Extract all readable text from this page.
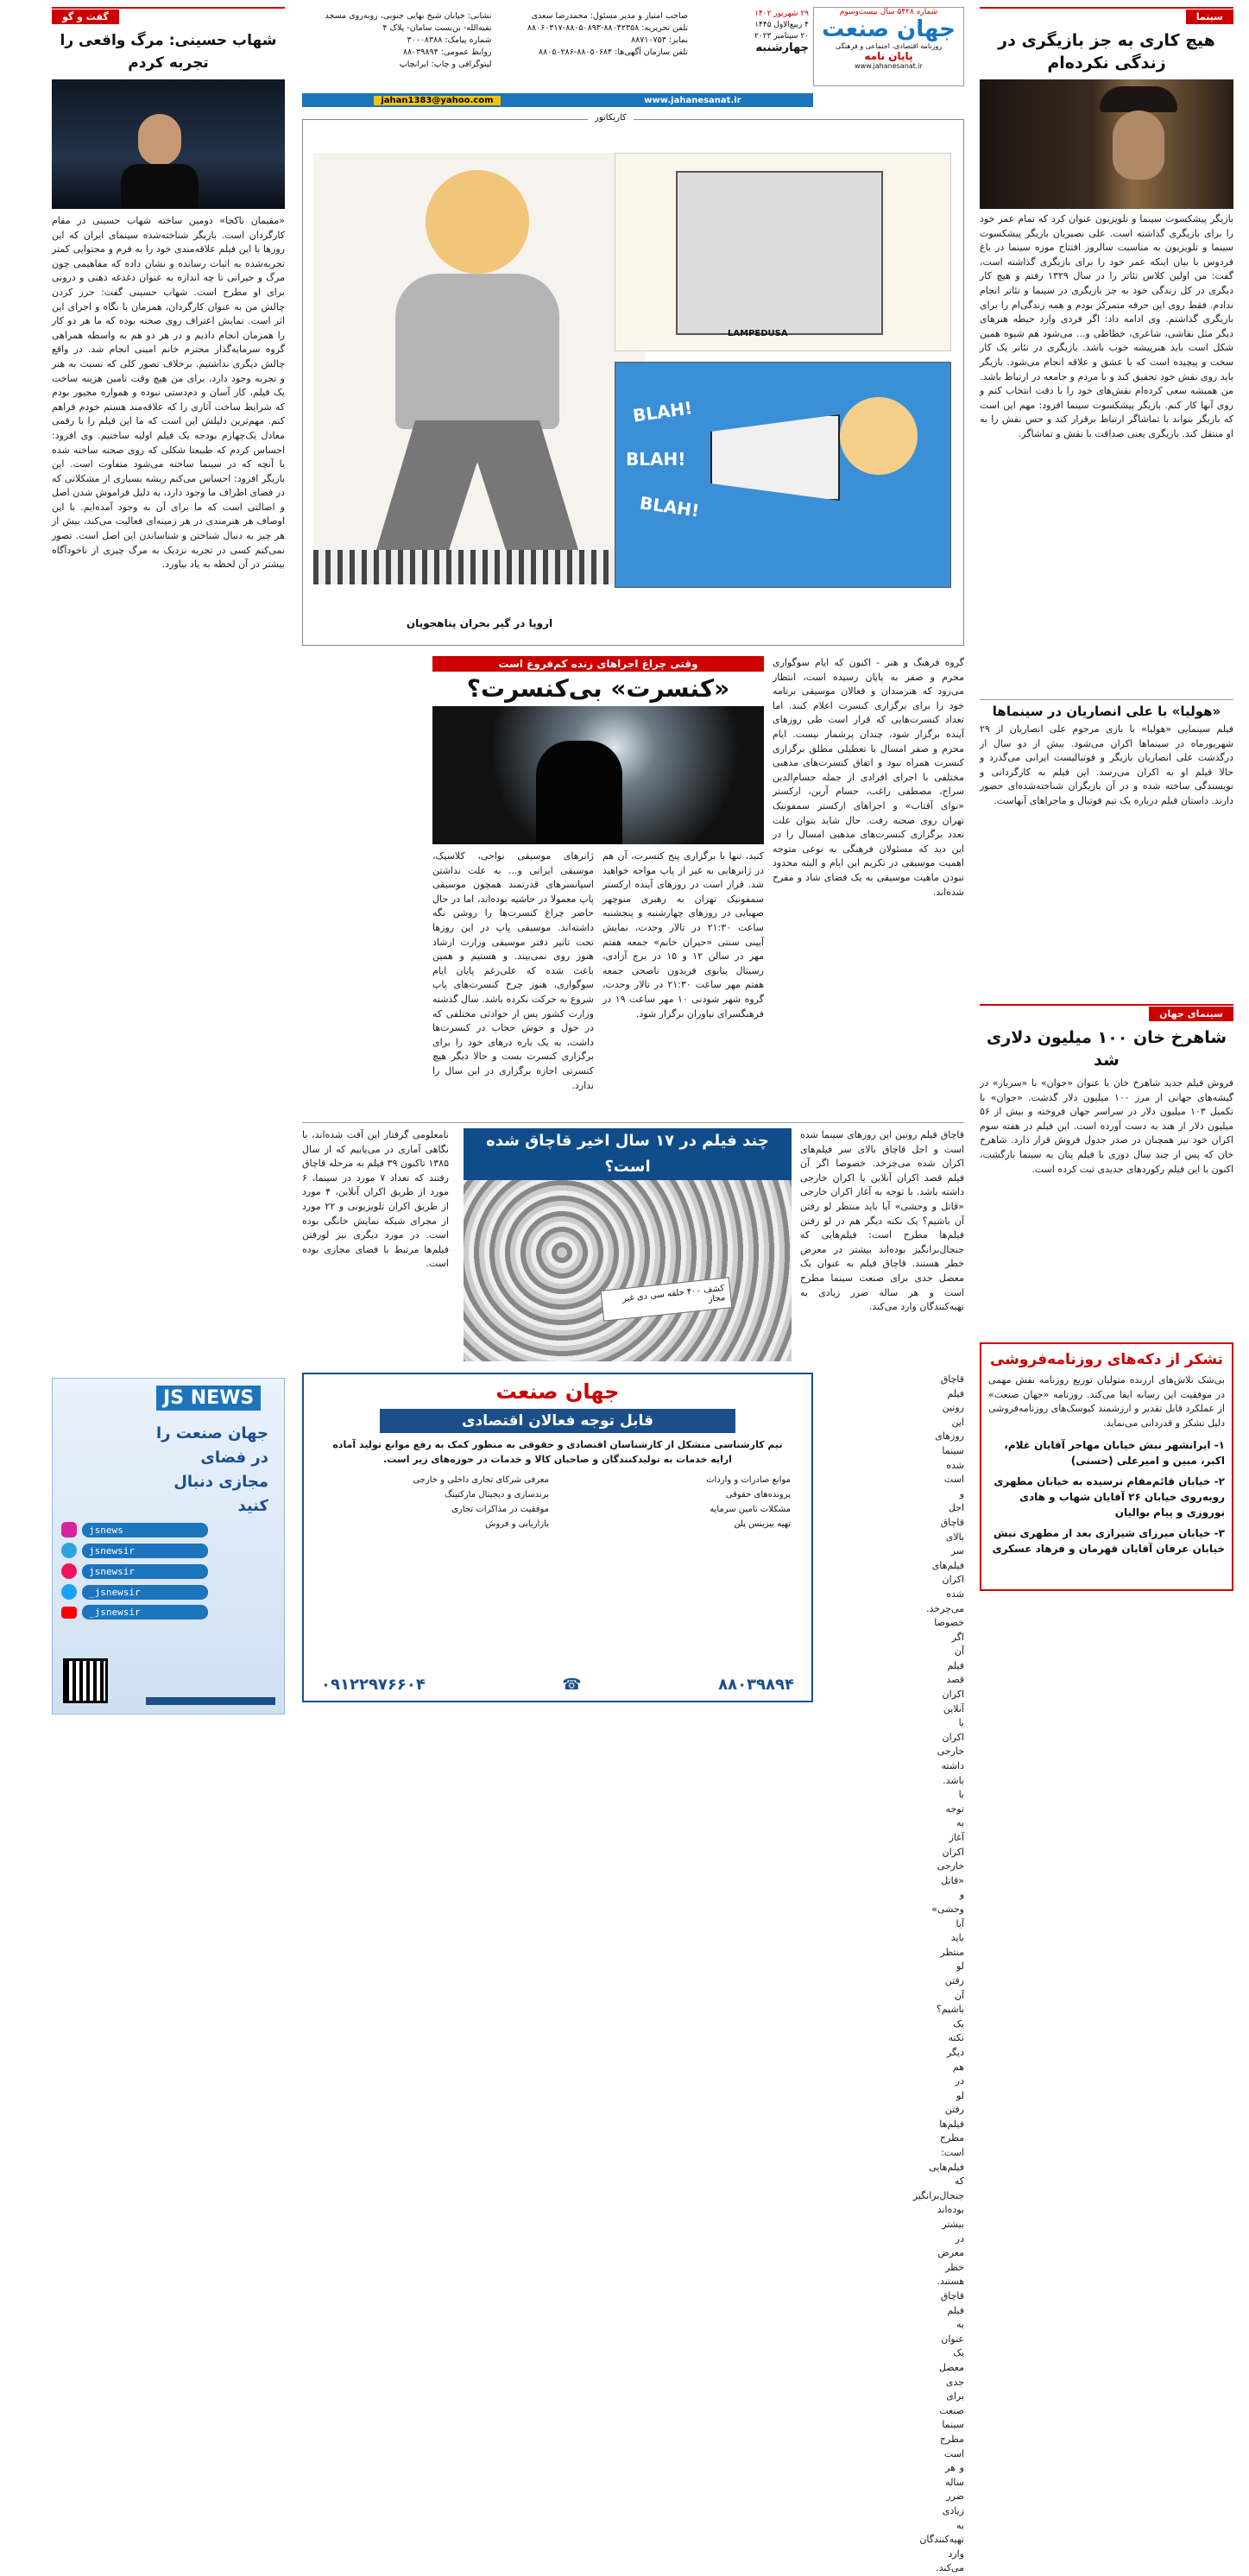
سینما
هیچ کاری به جز بازیگری در زندگی نکرده‌ام

بازیگر پیشکسوت سینما و تلویزیون عنوان کرد که تمام عمر خود را برای بازیگری گذاشته است. علی نصیریان بازیگر پیشکسوت سینما و تلویزیون به مناسبت سالروز افتتاح موزه سینما در باغ فردوس با بیان اینکه عمر خود را برای بازیگری گذاشته است، گفت: من اولین کلاس تئاتر را در سال ۱۳۲۹ رفتم و هیچ کار دیگری در کل زندگی خود به جز بازیگری در سینما و تئاتر انجام ندادم. فقط روی این حرفه متمرکز بودم و همه زندگی‌ام را برای بازیگری گذاشتم. وی ادامه داد: اگر فردی وارد حیطه هنرهای دیگر مثل نقاشی، شاعری، خطاطی و... می‌شود هم شیوه همین شکل است باید هنرپیشه خوب باشد. بازیگری در تئاتر یک کار سخت و پیچیده است که با عشق و علاقه انجام می‌شود. بازیگر باید روی نقش خود تحقیق کند و با مردم و جامعه در ارتباط باشد. من همیشه سعی کرده‌ام نقش‌های خود را با دقت انتخاب کنم و روی آنها کار کنم. بازیگر پیشکسوت سینما افزود: مهم این است که بازیگر بتواند با تماشاگر ارتباط برقرار کند و حس نقش را به او منتقل کند. بازیگری یعنی صداقت با نقش و تماشاگر.

«هولیا» با علی انصاریان در سینماها

فیلم سینمایی «هولیا» با بازی مرحوم علی انصاریان از ۲۹ شهریورماه در سینماها اکران می‌شود. بیش از دو سال از درگذشت علی انصاریان بازیگر و فوتبالیست ایرانی می‌گذرد و حالا فیلم او به اکران می‌رسد. این فیلم به کارگردانی و نویسندگی ساخته شده و در آن بازیگران شناخته‌شده‌ای حضور دارند. داستان فیلم درباره یک تیم فوتبال و ماجراهای آنهاست.

سینمای جهان
شاهرخ خان ۱۰۰ میلیون دلاری شد

فروش فیلم جدید شاهرخ خان با عنوان «جوان» با «سرباز» در گیشه‌های جهانی از مرز ۱۰۰ میلیون دلار گذشت. «جوان» با تکمیل ۱۰۳ میلیون دلار در سراسر جهان فروخته و بیش از ۵۶ میلیون دلار از هند به دست آورده است. این فیلم در هفته سوم اکران خود نیز همچنان در صدر جدول فروش قرار دارد. شاهرخ خان که پس از چند سال دوری با فیلم پتان به سینما بازگشت، اکنون با این فیلم رکوردهای جدیدی ثبت کرده است.

تشکر از دکه‌های روزنامه‌فروشی

بی‌شک تلاش‌های ارزنده متولیان توزیع روزنامه نقش مهمی در موفقیت این رسانه ایفا می‌کند. روزنامه «جهان صنعت» از عملکرد قابل تقدیر و ارزشمند کیوسک‌های روزنامه‌فروشی دلیل تشکر و قدردانی می‌نماید.

۱- ایرانشهر نبش خیابان مهاجر آقایان غلام، اکبر، مبین و امیرعلی (حسنی)

۲- خیابان قائم‌مقام نرسیده به خیابان مطهری روبه‌روی خیابان ۲۶ آقایان شهاب و هادی نوروزی و پیام بوالیان

۳- خیابان میرزای شیرازی بعد از مطهری نبش خیابان عرفان آقایان قهرمان و فرهاد عسکری

گفت و گو
شهاب حسینی: مرگ واقعی را تجربه کردم

«مقیمان ناکجا» دومین ساخته شهاب حسینی در مقام کارگردان است. بازیگر شناخته‌شده سینمای ایران که این روزها با این فیلم علاقه‌مندی خود را به فرم و محتوایی کمتر تجربه‌شده به اثبات رسانده و نشان داده که مفاهیمی چون مرگ و حیرانی تا چه اندازه به عنوان دغدغه ذهنی و درونی برای او مطرح است. شهاب حسینی گفت: حرز کردن چالش من به عنوان کارگردان، همزمان با نگاه و اجرای این اثر است. نمایش اعتراف روی صحنه بوده که ما هر دو کار را همزمان انجام دادیم و در هر دو هم به واسطه همراهی گروه سرمایه‌گذار محترم خانم امینی انجام شد. در واقع چالش دیگری نداشتیم. برخلاف تصور کلی که نسبت به هنر و تجربه وجود دارد، برای من هیچ وقت تامین هزینه ساخت یک فیلم، کار آسان و دم‌دستی نبوده و همواره مجبور بودم که شرایط ساخت آثاری را که علاقه‌مند هستم خودم فراهم کنم. مهم‌ترین دلیلش این است که ما این فیلم را با رقمی معادل یک‌چهارم بودجه یک فیلم اولیه ساختیم. وی افزود: احساس کردم که طبیعتا شکلی که روی صحنه ساخته شده با آنچه که در سینما ساخته می‌شود متفاوت است. این بازیگر افزود: احساس می‌کنم ریشه بسیاری از مشکلاتی که در فضای اطراف ما وجود دارد، به دلیل فراموش شدن اصل و اصالتی است که ما برای آن به وجود آمده‌ایم. با این اوصاف هر هنرمندی در هر زمینه‌ای فعالیت می‌کند، بیش از هر چیز به دنبال شناختن و شناساندن این اصل است. تصور نمی‌کنم کسی در تجربه نزدیک به مرگ چیزی از ناخودآگاه بیشتر در آن لحظه به یاد بیاورد.

JS NEWS

جهان صنعت را در فضای مجازی دنبال کنید

jsnews
jsnewsir
jsnewsir
jsnewsir_
jsnewsir_
شماره ۵۴۲۸ سال بیست‌وسوم
جهان صنعت
روزنامه اقتصادی، اجتماعی و فرهنگی
پایان نامه
www.jahanesanat.ir
۲۹ شهریور ۱۴۰۲
۴ ربیع‌الاول ۱۴۴۵
۲۰ سپتامبر ۲۰۲۳
چهارشنبه
صاحب امتیاز و مدیر مسئول: محمدرضا سعدی
تلفن تحریریه: ۸۸۰۴۲۳۵۸-۸۸۰۵۰۸۹۳-۸۸۰۶۰۳۱۷
نمابر: ۸۸۷۱۰۷۵۳
تلفن سازمان آگهی‌ها: ۸۸۰۵۰۶۸۴-۸۸۰۵۰۲۸۶
نشانی: خیابان شیخ بهایی جنوبی، روبه‌روی مسجد بقیه‌الله- بن‌بست سامان- پلاک ۴
شماره پیامک: ۳۰۰۰۸۳۸۸
روابط عمومی: ۸۸۰۳۹۸۹۴
لیتوگرافی و چاپ: ایرانچاپ
jahan1383@yahoo.com	www.jahanesanat.ir
کاریکاتور
LAMPEDUSA
BLAH!
BLAH!
BLAH!
اروپا در گیر بحران پناهجویان

گروه فرهنگ و هنر - اکنون که ایام سوگواری محرم و صفر به پایان رسیده است، انتظار می‌رود که هنرمندان و فعالان موسیقی برنامه خود را برای برگزاری کنسرت اعلام کنند. اما تعداد کنسرت‌هایی که قرار است طی روزهای آینده برگزار شود، چندان پرشمار نیست. ایام محرم و صفر امسال با تعطیلی مطلق برگزاری کنسرت همراه نبود و اتفاق کنسرت‌های مذهبی مختلفی با اجرای افرادی از جمله حسام‌الدین سراج، مصطفی راغب، حسام آرین، ارکستر «نوای آفتاب» و اجراهای ارکستر سمفونیک تهران روی صحنه رفت. حال شاید بتوان علت تعدد برگزاری کنسرت‌های مذهبی امسال را در این دید که مسئولان فرهنگی به نوعی متوجه اهمیت موسیقی در تکریم این ایام و البته محدود نبودن ماهیت موسیقی به یک فضای شاد و مفرح شده‌اند.

وقتی چراغ اجراهای زنده کم‌فروغ است
«کنسرت» بی‌کنسرت؟

کنید، تنها با برگزاری پنج کنسرت، آن هم در ژانرهایی به غیر از پاپ مواجه خواهید شد. قرار است در روزهای آینده ارکستر سمفونیک تهران به رهبری منوچهر صهبایی در روزهای چهارشنبه و پنجشنبه ساعت ۲۱:۳۰ در تالار وحدت، نمایش آیینی سنتی «حیران خانم» جمعه هفتم مهر در سالن ۱۲ و ۱۵ در برج آزادی، رسیتال پیانوی فریدون ناصحی جمعه هفتم مهر ساعت ۲۱:۳۰ در تالار وحدت، گروه شهر شودنی ۱۰ مهر ساعت ۱۹ در فرهنگسرای نیاوران برگزار شود.

ژانرهای موسیقی نواحی، کلاسیک، موسیقی ایرانی و... به علت نداشتن اسپانسرهای قدرتمند همچون موسیقی پاپ معمولا در حاشیه بوده‌اند، اما در حال حاضر چراغ کنسرت‌ها را روشن نگه داشته‌اند. موسیقی پاپ در این روزها تحت تاثیر دفتر موسیقی وزارت ارشاد هنوز روی نمی‌بیند. و هستیم و همین باعث شده که علی‌رغم پایان ایام سوگواری، هنوز چرخ کنسرت‌های پاپ شروع به حرکت نکرده باشد. سال گذشته وزارت کشور پس از حوادثی مختلفی که در حول و حوش حجاب در کنسرت‌ها داشت، به یک باره درهای خود را برای برگزاری کنسرت بست و حالا دیگر هیچ کنسرتی اجازه برگزاری در این سال را ندارد.

قاچاق فیلم روتین این روزهای سینما شده است و اجل قاچاق بالای سر فیلم‌های اکران شده می‌چرخد. خصوصا اگر آن فیلم قصد اکران آنلاین یا اکران خارجی داشته باشد. با توجه به آغاز اکران خارجی «قاتل و وحشی» آیا باید منتظر لو رفتن آن باشیم؟ یک نکته دیگر هم در لو رفتن فیلم‌ها مطرح است: فیلم‌هایی که جنجال‌برانگیز بوده‌اند بیشتر در معرض خطر هستند. قاچاق فیلم به عنوان یک معضل جدی برای صنعت سینما مطرح است و هر ساله ضرر زیادی به تهیه‌کنندگان وارد می‌کند.

چند فیلم در ۱۷ سال اخیر قاچاق شده است؟
کشف ۴۰۰ حلقه سی دی غیر مجاز

نامعلومی گرفتار این آفت شده‌اند، با نگاهی آماری در می‌یابیم که از سال ۱۳۸۵ تاکنون ۳۹ فیلم به مرحله قاچاق رفتند که تعداد ۷ مورد در سینما، ۶ مورد از طریق اکران آنلاین، ۴ مورد از طریق اکران تلویزیونی و ۲۲ مورد از مجرای شبکه نمایش خانگی بوده است. در مورد دیگری نیز لورفتن فیلم‌ها مرتبط با فضای مجازی بوده است.

جهان صنعت
قابل توجه فعالان اقتصادی

تیم کارشناسی متشکل از کارشناسان اقتصادی و حقوقی به منظور کمک به رفع موانع تولید آماده ارایه خدمات به تولیدکنندگان و صاحبان کالا و خدمات در حوزه‌های زیر است.

موانع صادرات و واردات
معرفی شرکای تجاری داخلی و خارجی
پرونده‌های حقوقی
برندسازی و دیجیتال مارکتینگ
مشکلات تامین سرمایه
موفقیت در مذاکرات تجاری
تهیه بیزینس پلن
بازاریابی و فروش
۸۸۰۳۹۸۹۴
☎
۰۹۱۲۲۹۷۶۶۰۴

قاچاق فیلم روتین این روزهای سینما شده است و اجل قاچاق بالای سر فیلم‌های اکران شده می‌چرخد. خصوصا اگر آن فیلم قصد اکران آنلاین یا اکران خارجی داشته باشد. با توجه به آغاز اکران خارجی «قاتل و وحشی» آیا باید منتظر لو رفتن آن باشیم؟ یک نکته دیگر هم در لو رفتن فیلم‌ها مطرح است: فیلم‌هایی که جنجال‌برانگیز بوده‌اند بیشتر در معرض خطر هستند. قاچاق فیلم به عنوان یک معضل جدی برای صنعت سینما مطرح است و هر ساله ضرر زیادی به تهیه‌کنندگان وارد می‌کند.
